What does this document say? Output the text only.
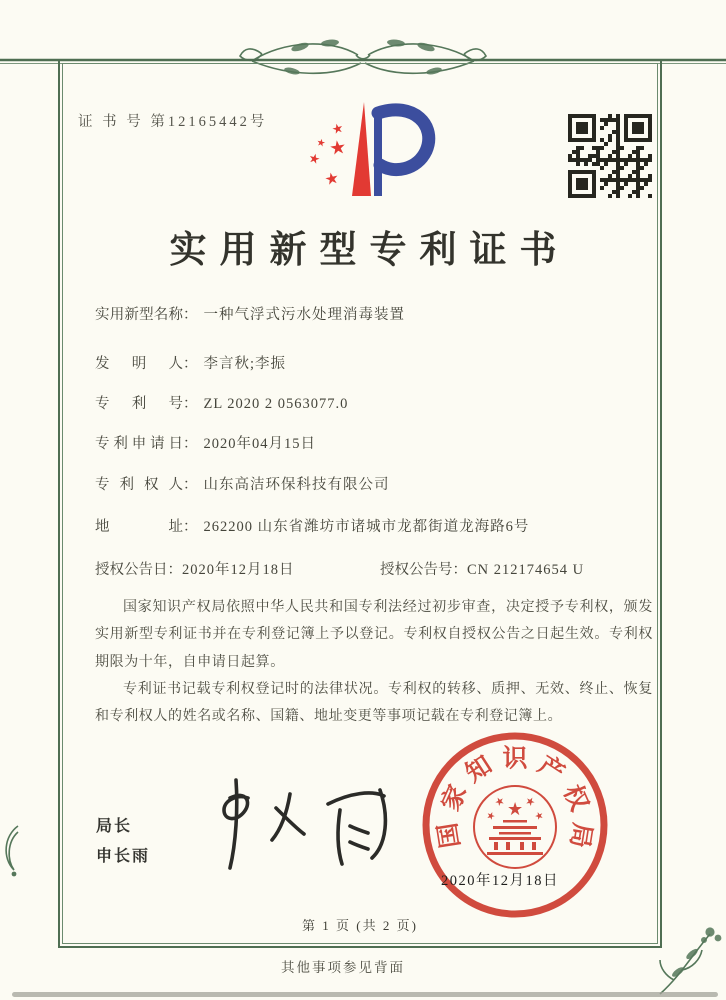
证 书 号 第12165442号	★
★ ★
★
★
实用新型专利证书
实用新型名称： 一种气浮式污水处理消毒装置
发明人： 李言秋;李振
专利号： ZL 2020 2 0563077.0
专利申请日： 2020年04月15日
专利权人： 山东高洁环保科技有限公司
地址： 262200 山东省潍坊市诸城市龙都街道龙海路6号
授权公告日：2020年12月18日	授权公告号：CN 212174654 U

国家知识产权局依照中华人民共和国专利法经过初步审查，决定授予专利权，颁发实用新型专利证书并在专利登记簿上予以登记。专利权自授权公告之日起生效。专利权期限为十年，自申请日起算。

专利证书记载专利权登记时的法律状况。专利权的转移、质押、无效、终止、恢复和专利权人的姓名或名称、国籍、地址变更等事项记载在专利登记簿上。

局长
申长雨
国
家
知 识 产
权
局
★
★ ★
★	★
2020年12月18日
第 1 页 (共 2 页)
其他事项参见背面
